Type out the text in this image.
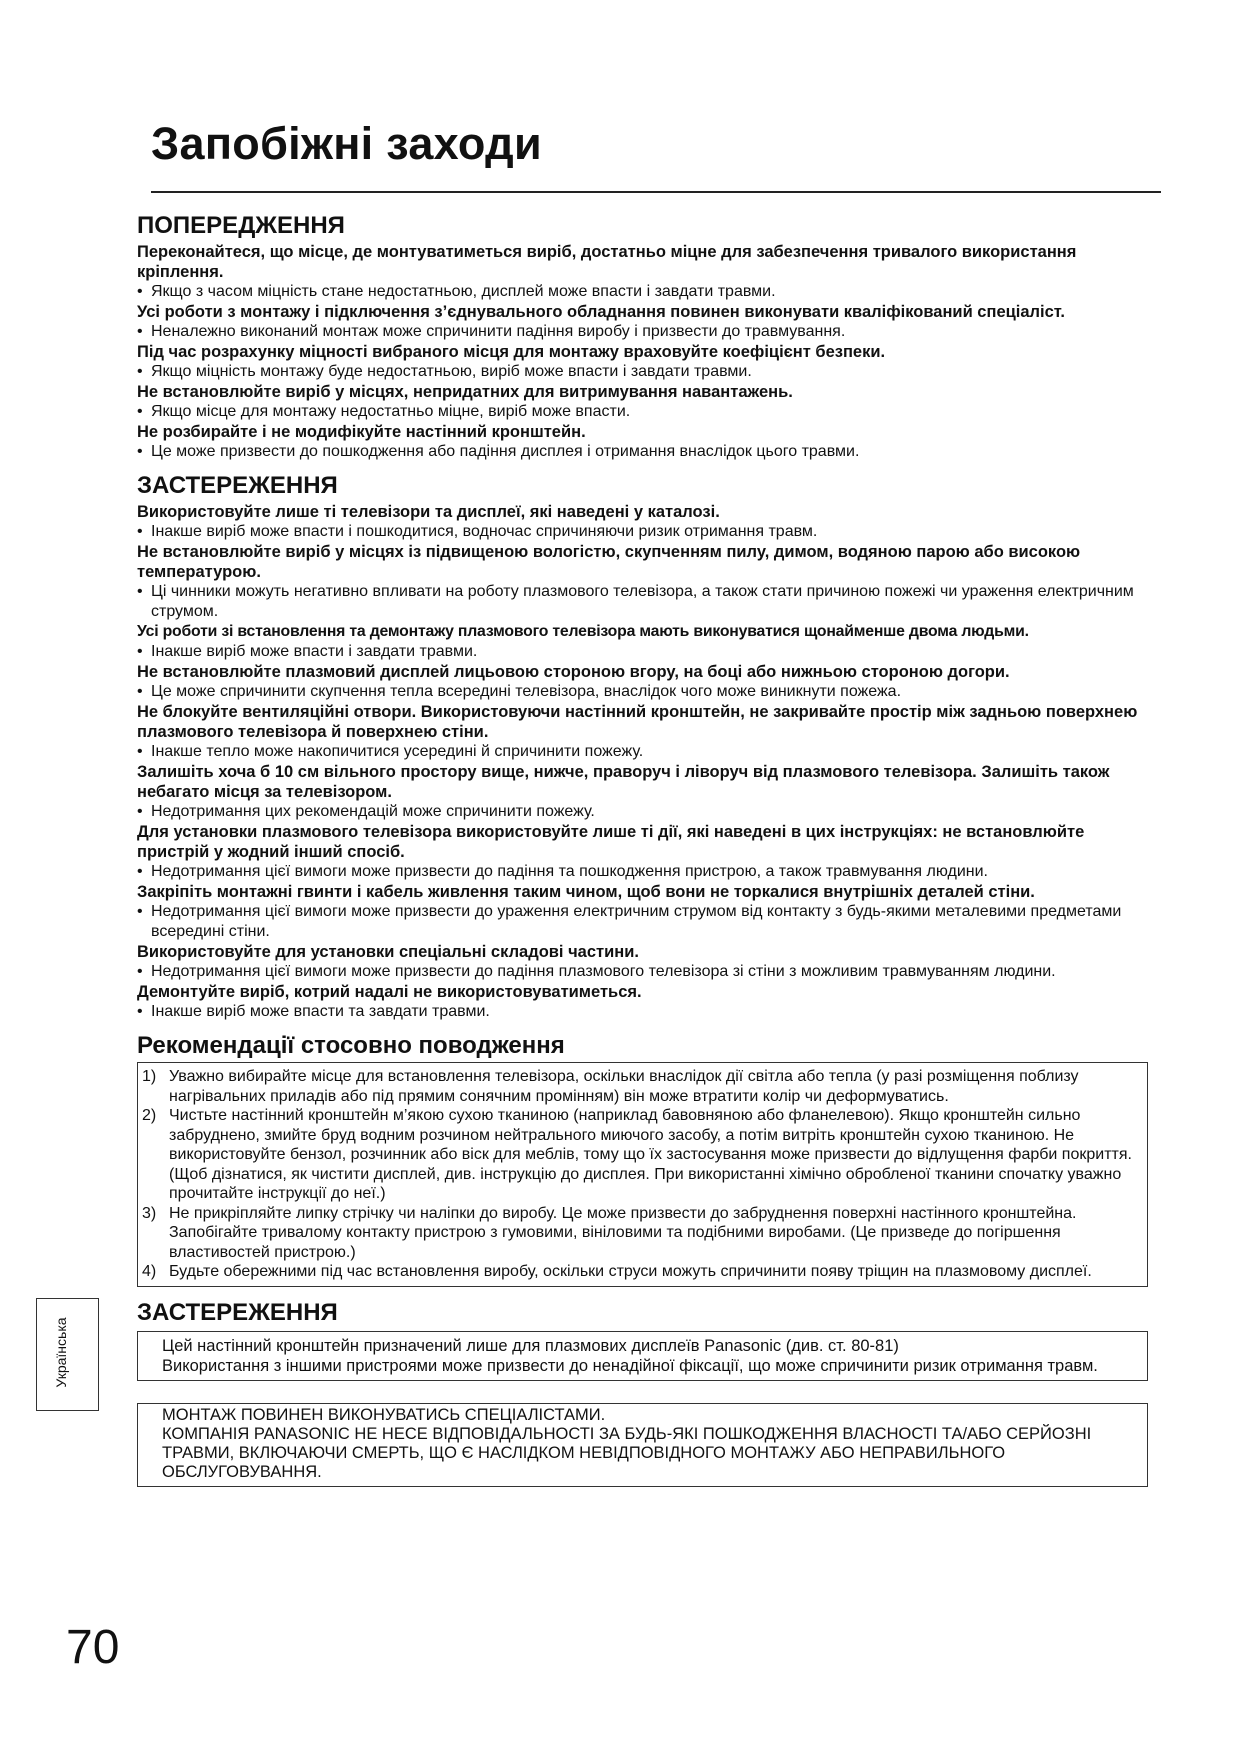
Запобіжні заходи
ПОПЕРЕДЖЕННЯ

Переконайтеся, що місце, де монтуватиметься виріб, достатньо міцне для забезпечення тривалого використання кріплення.

• Якщо з часом міцність стане недостатньою, дисплей може впасти і завдати травми.

Усі роботи з монтажу і підключення з’єднувального обладнання повинен виконувати кваліфікований спеціаліст.

• Неналежно виконаний монтаж може спричинити падіння виробу і призвести до травмування.

Під час розрахунку міцності вибраного місця для монтажу враховуйте коефіцієнт безпеки.

• Якщо міцність монтажу буде недостатньою, виріб може впасти і завдати травми.

Не встановлюйте виріб у місцях, непридатних для витримування навантажень.

• Якщо місце для монтажу недостатньо міцне, виріб може впасти.

Не розбирайте і не модифікуйте настінний кронштейн.

• Це може призвести до пошкодження або падіння дисплея і отримання внаслідок цього травми.

ЗАСТЕРЕЖЕННЯ

Використовуйте лише ті телевізори та дисплеї, які наведені у каталозі.

• Інакше виріб може впасти і пошкодитися, водночас спричиняючи ризик отримання травм.

Не встановлюйте виріб у місцях із підвищеною вологістю, скупченням пилу, димом, водяною парою або високою температурою.

• Ці чинники можуть негативно впливати на роботу плазмового телевізора, а також стати причиною пожежі чи ураження електричним струмом.

Усі роботи зі встановлення та демонтажу плазмового телевізора мають виконуватися щонайменше двома людьми.

• Інакше виріб може впасти і завдати травми.

Не встановлюйте плазмовий дисплей лицьовою стороною вгору, на боці або нижньою стороною догори.

• Це може спричинити скупчення тепла всередині телевізора, внаслідок чого може виникнути пожежа.

Не блокуйте вентиляційні отвори. Використовуючи настінний кронштейн, не закривайте простір між задньою поверхнею плазмового телевізора й поверхнею стіни.

• Інакше тепло може накопичитися усередині й спричинити пожежу.

Залишіть хоча б 10 см вільного простору вище, нижче, праворуч і ліворуч від плазмового телевізора. Залишіть також небагато місця за телевізором.

• Недотримання цих рекомендацій може спричинити пожежу.

Для установки плазмового телевізора використовуйте лише ті дії, які наведені в цих інструкціях: не встановлюйте пристрій у жодний інший спосіб.

• Недотримання цієї вимоги може призвести до падіння та пошкодження пристрою, а також травмування людини.

Закріпіть монтажні гвинти і кабель живлення таким чином, щоб вони не торкалися внутрішніх деталей стіни.

• Недотримання цієї вимоги може призвести до ураження електричним струмом від контакту з будь-якими металевими предметами всередині стіни.

Використовуйте для установки спеціальні складові частини.

• Недотримання цієї вимоги може призвести до падіння плазмового телевізора зі стіни з можливим травмуванням людини.

Демонтуйте виріб, котрий надалі не використовуватиметься.

• Інакше виріб може впасти та завдати травми.

Рекомендації стосовно поводження

1) Уважно вибирайте місце для встановлення телевізора, оскільки внаслідок дії світла або тепла (у разі розміщення поблизу нагрівальних приладів або під прямим сонячним промінням) він може втратити колір чи деформуватись.

2) Чистьте настінний кронштейн м’якою сухою тканиною (наприклад бавовняною або фланелевою). Якщо кронштейн сильно забруднено, змийте бруд водним розчином нейтрального миючого засобу, а потім витріть кронштейн сухою тканиною. Не використовуйте бензол, розчинник або віск для меблів, тому що їх застосування може призвести до відлущення фарби покриття.

(Щоб дізнатися, як чистити дисплей, див. інструкцію до дисплея. При використанні хімічно обробленої тканини спочатку уважно прочитайте інструкції до неї.)

3) Не прикріпляйте липку стрічку чи наліпки до виробу. Це може призвести до забруднення поверхні настінного кронштейна. Запобігайте тривалому контакту пристрою з гумовими, вініловими та подібними виробами. (Це призведе до погіршення властивостей пристрою.)

4) Будьте обережними під час встановлення виробу, оскільки струси можуть спричинити появу тріщин на плазмовому дисплеї.

ЗАСТЕРЕЖЕННЯ

Цей настінний кронштейн призначений лише для плазмових дисплеїв Panasonic (див. ст. 80-81)

Використання з іншими пристроями може призвести до ненадійної фіксації, що може спричинити ризик отримання травм.

МОНТАЖ ПОВИНЕН ВИКОНУВАТИСЬ СПЕЦІАЛІСТАМИ.

КОМПАНІЯ PANASONIC НЕ НЕСЕ ВІДПОВІДАЛЬНОСТІ ЗА БУДЬ-ЯКІ ПОШКОДЖЕННЯ ВЛАСНОСТІ ТА/АБО СЕРЙОЗНІ ТРАВМИ, ВКЛЮЧАЮЧИ СМЕРТЬ, ЩО Є НАСЛІДКОМ НЕВІДПОВІДНОГО МОНТАЖУ АБО НЕПРАВИЛЬНОГО ОБСЛУГОВУВАННЯ.

Українська
70
